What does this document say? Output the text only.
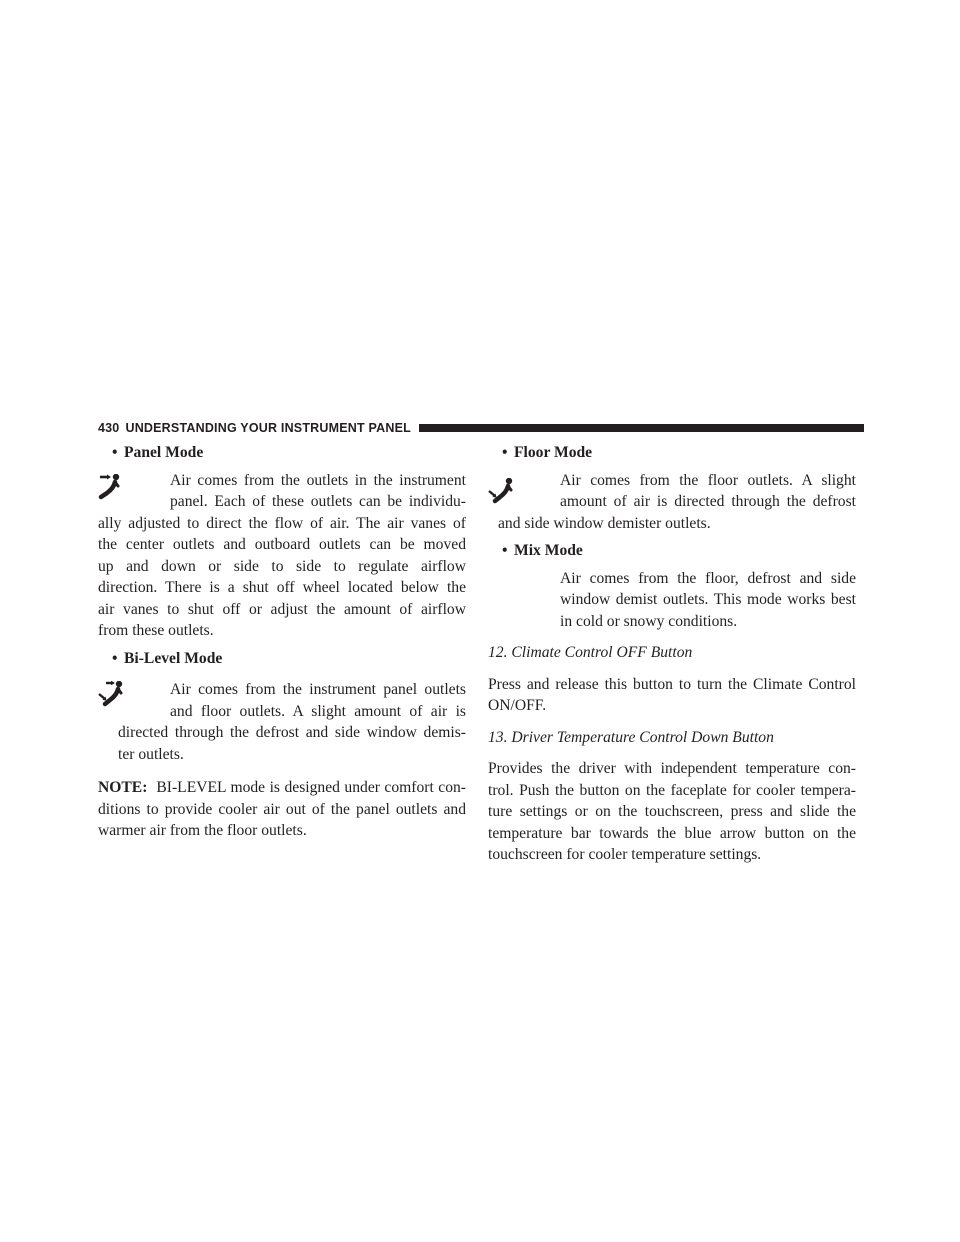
430 UNDERSTANDING YOUR INSTRUMENT PANEL
• Panel Mode

Air comes from the outlets in the instrument
panel. Each of these outlets can be individu-
ally adjusted to direct the flow of air. The air vanes of
the center outlets and outboard outlets can be moved
up and down or side to side to regulate airflow
direction. There is a shut off wheel located below the
air vanes to shut off or adjust the amount of airflow
from these outlets.

• Bi-Level Mode

Air comes from the instrument panel outlets
and floor outlets. A slight amount of air is
directed through the defrost and side window demis-
ter outlets.

NOTE: BI-LEVEL mode is designed under comfort con-
ditions to provide cooler air out of the panel outlets and
warmer air from the floor outlets.
• Floor Mode

Air comes from the floor outlets. A slight
amount of air is directed through the defrost
and side window demister outlets.

• Mix Mode

Air comes from the floor, defrost and side
window demist outlets. This mode works best
in cold or snowy conditions.

12. Climate Control OFF Button

Press and release this button to turn the Climate Control
ON/OFF.

13. Driver Temperature Control Down Button

Provides the driver with independent temperature con-
trol. Push the button on the faceplate for cooler tempera-
ture settings or on the touchscreen, press and slide the
temperature bar towards the blue arrow button on the
touchscreen for cooler temperature settings.
